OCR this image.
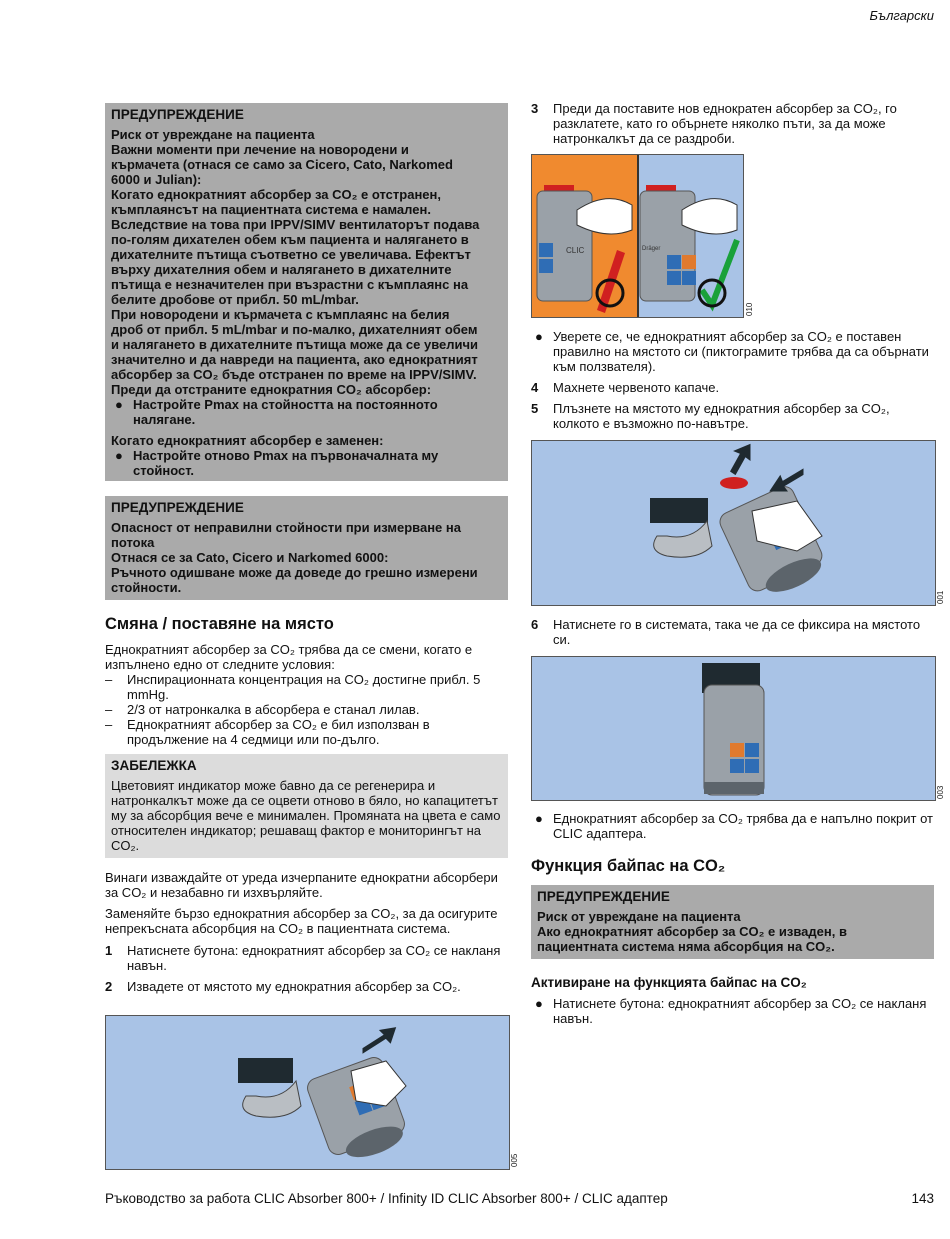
Български
ПРЕДУПРЕЖДЕНИЕ
Риск от увреждане на пациента
Важни моменти при лечение на новородени и
кърмачета (отнася се само за Cicero, Cato, Narkomed
6000 и Julian):
Когато еднократният абсорбер за CO₂ е отстранен,
къмплаянсът на пациентната система е намален.
Вследствие на това при IPPV/SIMV вентилаторът подава
по-голям дихателен обем към пациента и налягането в
дихателните пътища съответно се увеличава. Ефектът
върху дихателния обем и налягането в дихателните
пътища е незначителен при възрастни с къмплаянс на
белите дробове от прибл. 50 mL/mbar.
При новородени и кърмачета с къмплаянс на белия
дроб от прибл. 5 mL/mbar и по-малко, дихателният обем
и налягането в дихателните пътища може да се увеличи
значително и да навреди на пациента, ако еднократният
абсорбер за CO₂ бъде отстранен по време на IPPV/SIMV.
Преди да отстраните еднократния CO₂ абсорбер:
● Настройте Pmax на стойността на постоянното налягане.
Когато еднократният абсорбер е заменен:
● Настройте отново Pmax на първоначалната му стойност.
ПРЕДУПРЕЖДЕНИЕ
Опасност от неправилни стойности при измерване на потока
Отнася се за Cato, Cicero и Narkomed 6000:
Ръчното одишване може да доведе до грешно измерени стойности.
Смяна / поставяне на място

Еднократният абсорбер за CO₂ трябва да се смени, когато е изпълнено едно от следните условия:

– Инспирационната концентрация на CO₂ достигне прибл. 5 mmHg.
– 2/3 от натронкалка в абсорбера е станал лилав.
– Еднократният абсорбер за CO₂ е бил използван в продължение на 4 седмици или по-дълго.
ЗАБЕЛЕЖКА
Цветовият индикатор може бавно да се регенерира и натронкалкът може да се оцвети отново в бяло, но капацитетът му за абсорбция вече е минимален. Промяната на цвета е само относителен индикатор; решаващ фактор е мониторингът на CO₂.

Винаги изваждайте от уреда изчерпаните еднократни абсорбери за CO₂ и незабавно ги изхвърляйте.

Заменяйте бързо еднократния абсорбер за CO₂, за да осигурите непрекъсната абсорбция на CO₂ в пациентната система.

1 Натиснете бутона: еднократният абсорбер за CO₂ се накланя навън.
2 Извадете от мястото му еднократния абсорбер за CO₂.
005
3 Преди да поставите нов еднократен абсорбер за CO₂, го разклатете, като го обърнете няколко пъти, за да може натронкалкът да се раздроби.
CLIC	Dräger
010
● Уверете се, че еднократният абсорбер за CO₂ е поставен правилно на мястото си (пиктограмите трябва да са обърнати към ползвателя).
4 Махнете червеното капаче.
5 Плъзнете на мястото му еднократния абсорбер за CO₂, колкото е възможно по-навътре.
001
6 Натиснете го в системата, така че да се фиксира на мястото си.
003
● Еднократният абсорбер за CO₂ трябва да е напълно покрит от CLIC адаптера.
Функция байпас на CO₂
ПРЕДУПРЕЖДЕНИЕ
Риск от увреждане на пациента
Ако еднократният абсорбер за CO₂ е изваден, в пациентната система няма абсорбция на CO₂.
Активиране на функцията байпас на CO₂
● Натиснете бутона: еднократният абсорбер за CO₂ се накланя навън.
Ръководство за работа CLIC Absorber 800+ / Infinity ID CLIC Absorber 800+ / CLIC адаптер	143
